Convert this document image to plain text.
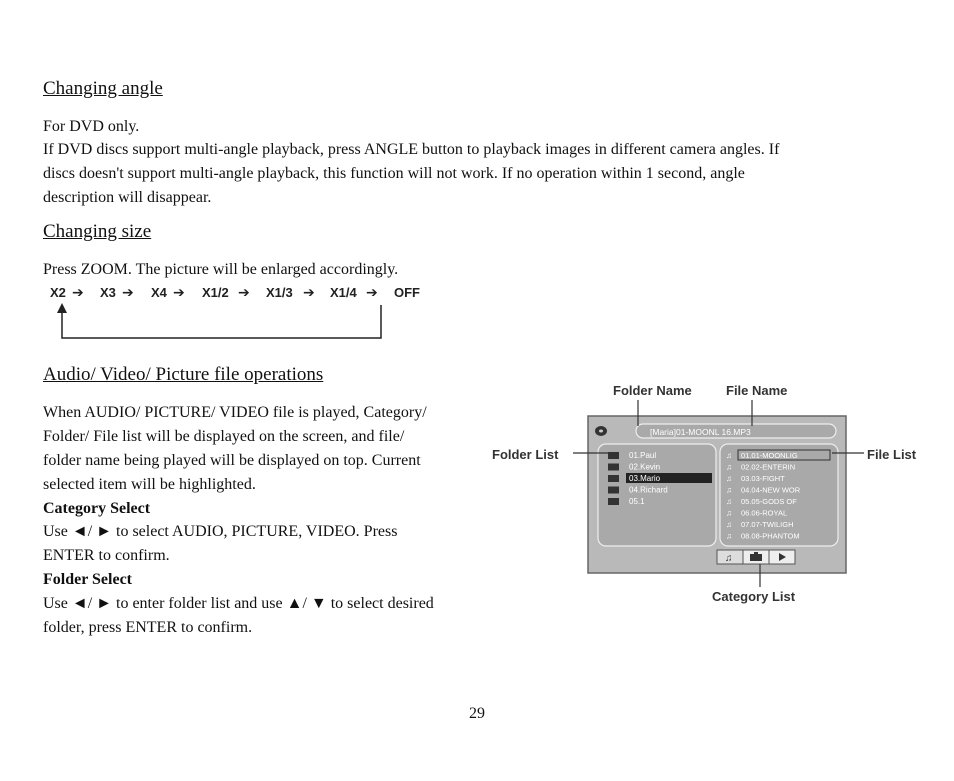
Changing angle

For DVD only.

If DVD discs support multi-angle playback, press ANGLE button to playback images in different camera angles. If

discs doesn't support multi-angle playback, this function will not work. If no operation within 1 second, angle

description will disappear.

Changing size

Press ZOOM. The picture will be enlarged accordingly.

X2 ➔ X3 ➔ X4 ➔ X1/2 ➔ X1/3 ➔ X1/4 ➔ OFF
Audio/ Video/ Picture file operations

When AUDIO/ PICTURE/ VIDEO file is played, Category/

Folder/ File list will be displayed on the screen, and file/

folder name being played will be displayed on top. Current

selected item will be highlighted.

Category Select

Use ◄/ ► to select AUDIO, PICTURE, VIDEO. Press

ENTER to confirm.

Folder Select

Use ◄/ ► to enter folder list and use ▲/ ▼ to select desired

folder, press ENTER to confirm.

Folder Name	File Name
Folder List	File List
Category List
[Maria]01-MOONL 16.MP3
01.Paul
02.Kevin
03.Mario
04.Richard
05.1
♫ 01.01-MOONLIG
♫ 02.02-ENTERIN
♫ 03.03-FIGHT
♫ 04.04-NEW WOR
♫ 05.05-GODS OF
♫ 06.06-ROYAL
♫ 07.07-TWILIGH
♫ 08.08-PHANTOM
♫
29
